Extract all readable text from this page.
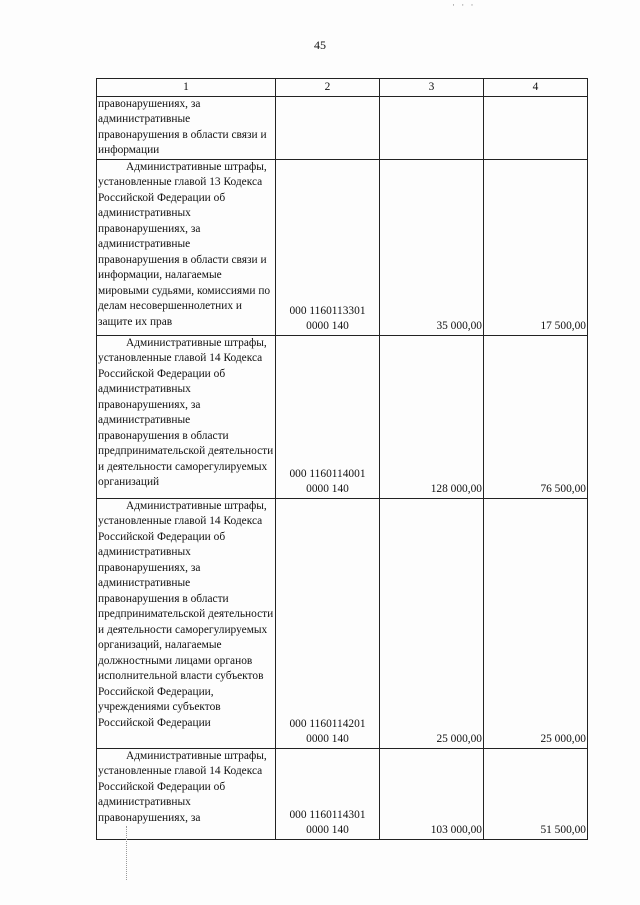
· · ·
45
1	2	3	4

правонарушениях, за административные правонарушения в области связи и информации			

Административные штрафы, установленные главой 13 Кодекса Российской Федерации об административных правонарушениях, за административные правонарушения в области связи и информации, налагаемые мировыми судьями, комиссиями по делам несовершеннолетних и защите их прав	000 1160113301 0000 140	35 000,00	17 500,00

Административные штрафы, установленные главой 14 Кодекса Российской Федерации об административных правонарушениях, за административные правонарушения в области предпринимательской деятельности и деятельности саморегулируемых организаций	000 1160114001 0000 140	128 000,00	76 500,00

Административные штрафы, установленные главой 14 Кодекса Российской Федерации об административных правонарушениях, за административные правонарушения в области предпринимательской деятельности и деятельности саморегулируемых организаций, налагаемые должностными лицами органов исполнительной власти субъектов Российской Федерации, учреждениями субъектов Российской Федерации	000 1160114201 0000 140	25 000,00	25 000,00

Административные штрафы, установленные главой 14 Кодекса Российской Федерации об административных правонарушениях, за	000 1160114301 0000 140	103 000,00	51 500,00
